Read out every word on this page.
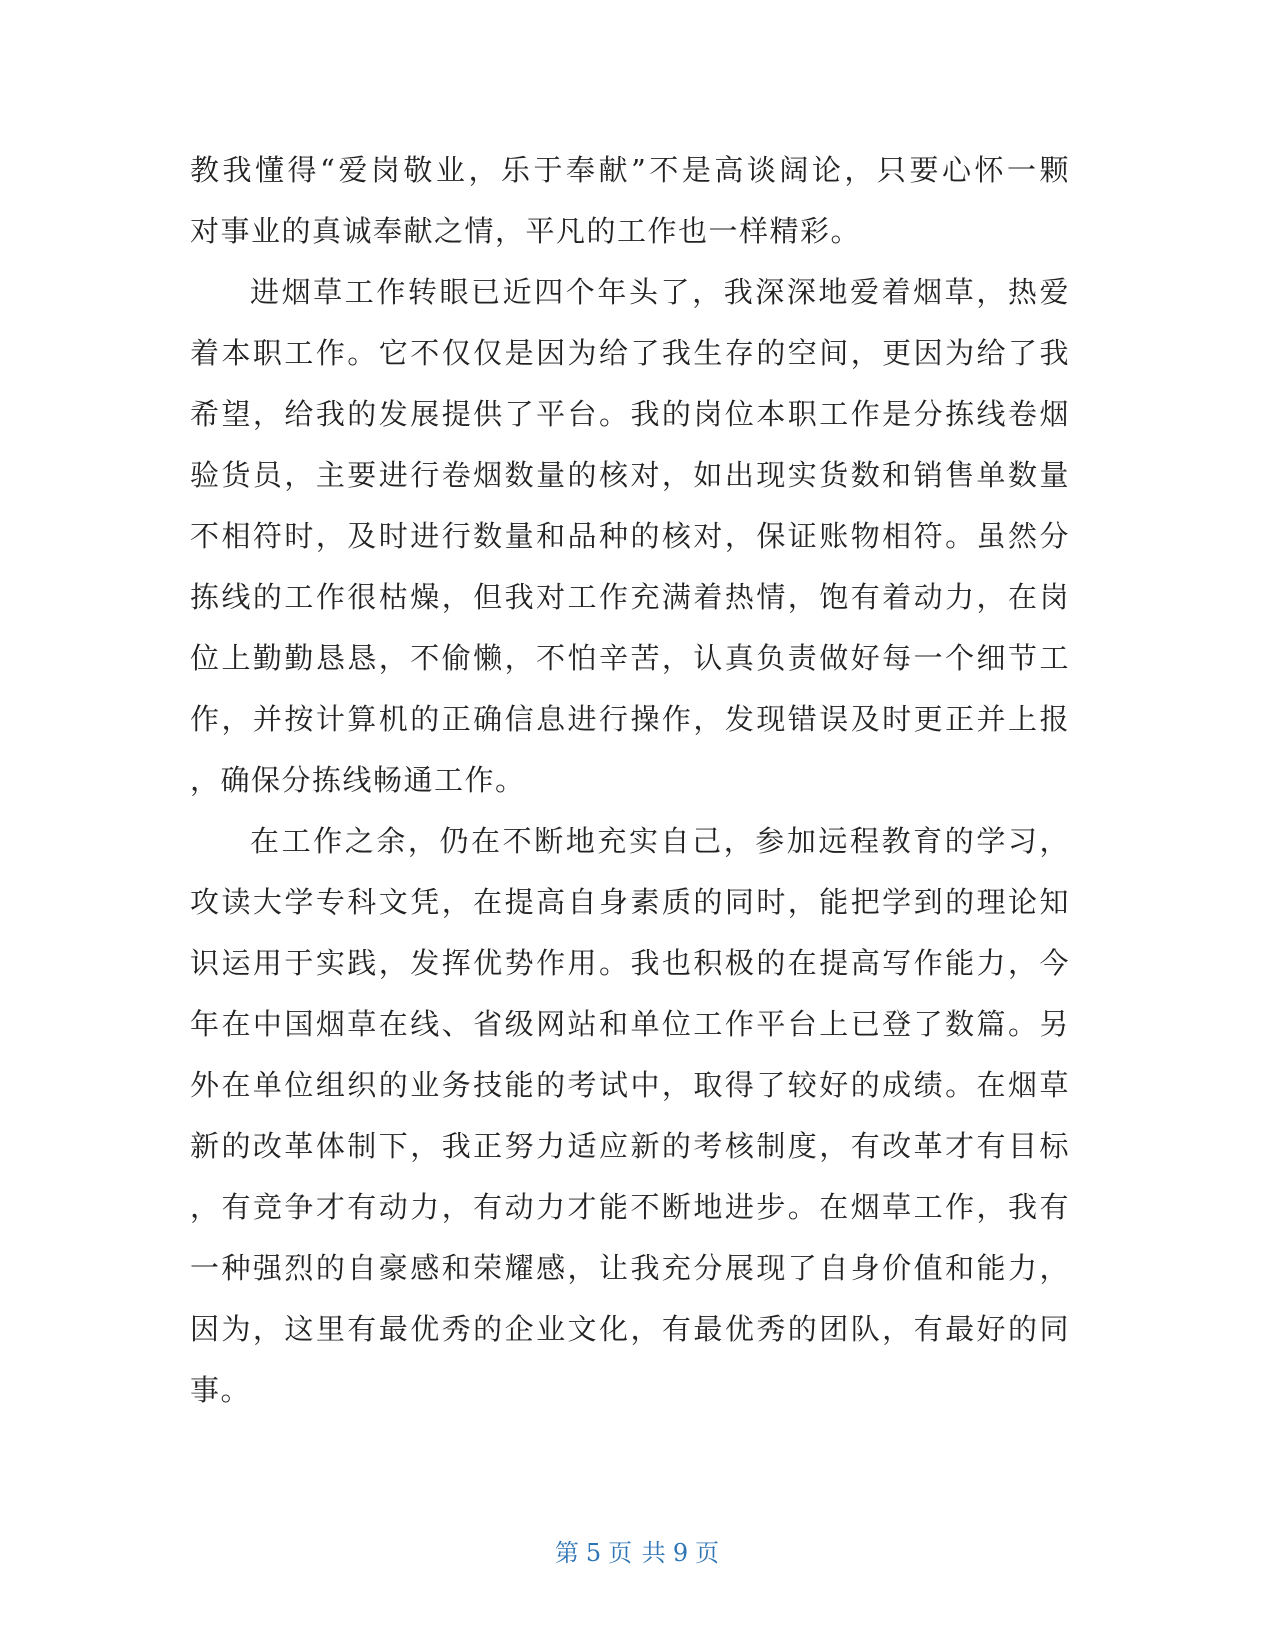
教我懂得“爱岗敬业，乐于奉献”不是高谈阔论，只要心怀一颗
对事业的真诚奉献之情，平凡的工作也一样精彩。
进烟草工作转眼已近四个年头了，我深深地爱着烟草，热爱
着本职工作。它不仅仅是因为给了我生存的空间，更因为给了我
希望，给我的发展提供了平台。我的岗位本职工作是分拣线卷烟
验货员，主要进行卷烟数量的核对，如出现实货数和销售单数量
不相符时，及时进行数量和品种的核对，保证账物相符。虽然分
拣线的工作很枯燥，但我对工作充满着热情，饱有着动力，在岗
位上勤勤恳恳，不偷懒，不怕辛苦，认真负责做好每一个细节工
作，并按计算机的正确信息进行操作，发现错误及时更正并上报
，确保分拣线畅通工作。
在工作之余，仍在不断地充实自己，参加远程教育的学习，
攻读大学专科文凭，在提高自身素质的同时，能把学到的理论知
识运用于实践，发挥优势作用。我也积极的在提高写作能力，今
年在中国烟草在线、省级网站和单位工作平台上已登了数篇。另
外在单位组织的业务技能的考试中，取得了较好的成绩。在烟草
新的改革体制下，我正努力适应新的考核制度，有改革才有目标
，有竞争才有动力，有动力才能不断地进步。在烟草工作，我有
一种强烈的自豪感和荣耀感，让我充分展现了自身价值和能力，
因为，这里有最优秀的企业文化，有最优秀的团队，有最好的同
事。
第 5 页 共 9 页
